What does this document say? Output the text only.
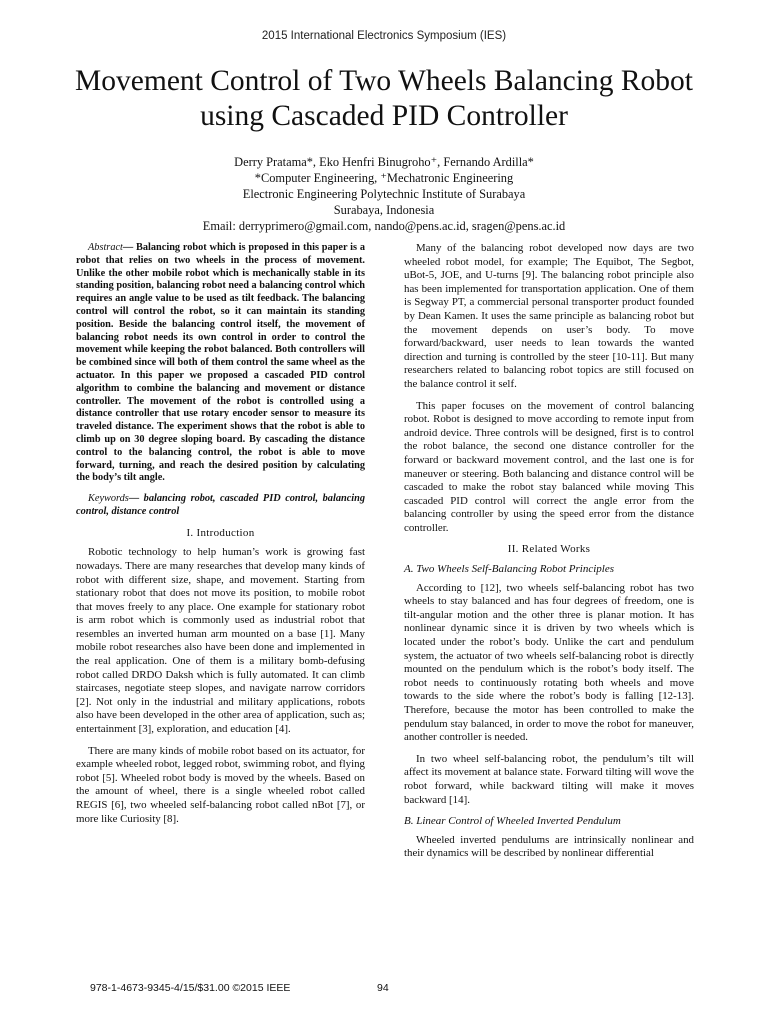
2015 International Electronics Symposium (IES)
Movement Control of Two Wheels Balancing Robot
using Cascaded PID Controller
Derry Pratama*, Eko Henfri Binugroho⁺, Fernando Ardilla*
*Computer Engineering, ⁺Mechatronic Engineering
Electronic Engineering Polytechnic Institute of Surabaya
Surabaya, Indonesia
Email: derryprimero@gmail.com, nando@pens.ac.id, sragen@pens.ac.id

Abstract— Balancing robot which is proposed in this paper is a robot that relies on two wheels in the process of movement. Unlike the other mobile robot which is mechanically stable in its standing position, balancing robot need a balancing control which requires an angle value to be used as tilt feedback. The balancing control will control the robot, so it can maintain its standing position. Beside the balancing control itself, the movement of balancing robot needs its own control in order to control the movement while keeping the robot balanced. Both controllers will be combined since will both of them control the same wheel as the actuator. In this paper we proposed a cascaded PID control algorithm to combine the balancing and movement or distance controller. The movement of the robot is controlled using a distance controller that use rotary encoder sensor to measure its traveled distance. The experiment shows that the robot is able to climb up on 30 degree sloping board. By cascading the distance control to the balancing control, the robot is able to move forward, turning, and reach the desired position by calculating the body’s tilt angle.

Keywords— balancing robot, cascaded PID control, balancing control, distance control

I. Introduction

Robotic technology to help human’s work is growing fast nowadays. There are many researches that develop many kinds of robot with different size, shape, and movement. Starting from stationary robot that does not move its position, to mobile robot that moves freely to any place. One example for stationary robot is arm robot which is commonly used as industrial robot that resembles an inverted human arm mounted on a base [1]. Many mobile robot researches also have been done and implemented in the real application. One of them is a military bomb-defusing robot called DRDO Daksh which is fully automated. It can climb staircases, negotiate steep slopes, and navigate narrow corridors [2]. Not only in the industrial and military applications, robots also have been developed in the other area of application, such as; entertainment [3], exploration, and education [4].

There are many kinds of mobile robot based on its actuator, for example wheeled robot, legged robot, swimming robot, and flying robot [5]. Wheeled robot body is moved by the wheels. Based on the amount of wheel, there is a single wheeled robot called REGIS [6], two wheeled self-balancing robot called nBot [7], or more like Curiosity [8].

Many of the balancing robot developed now days are two wheeled robot model, for example; The Equibot, The Segbot, uBot-5, JOE, and U-turns [9]. The balancing robot principle also has been implemented for transportation application. One of them is Segway PT, a commercial personal transporter product founded by Dean Kamen. It uses the same principle as balancing robot but the movement depends on user’s body. To move forward/backward, user needs to lean towards the wanted direction and turning is controlled by the steer [10-11]. But many researchers related to balancing robot topics are still focused on the balance control it self.

This paper focuses on the movement of control balancing robot. Robot is designed to move according to remote input from android device. Three controls will be designed, first is to control the robot balance, the second one distance controller for the forward or backward movement control, and the last one is for maneuver or steering. Both balancing and distance control will be cascaded to make the robot stay balanced while moving This cascaded PID control will correct the angle error from the balancing controller by using the speed error from the distance controller.

II. Related Works
A. Two Wheels Self-Balancing Robot Principles

According to [12], two wheels self-balancing robot has two wheels to stay balanced and has four degrees of freedom, one is tilt-angular motion and the other three is planar motion. It has nonlinear dynamic since it is driven by two wheels which is located under the robot’s body. Unlike the cart and pendulum system, the actuator of two wheels self-balancing robot is directly mounted on the pendulum which is the robot’s body itself. The robot needs to continuously rotating both wheels and move towards to the side where the robot’s body is falling [12-13]. Therefore, because the motor has been controlled to make the pendulum stay balanced, in order to move the robot for maneuver, another controller is needed.

In two wheel self-balancing robot, the pendulum’s tilt will affect its movement at balance state. Forward tilting will wove the robot forward, while backward tilting will make it moves backward [14].

B. Linear Control of Wheeled Inverted Pendulum

Wheeled inverted pendulums are intrinsically nonlinear and their dynamics will be described by nonlinear differential

978-1-4673-9345-4/15/$31.00 ©2015 IEEE	94
